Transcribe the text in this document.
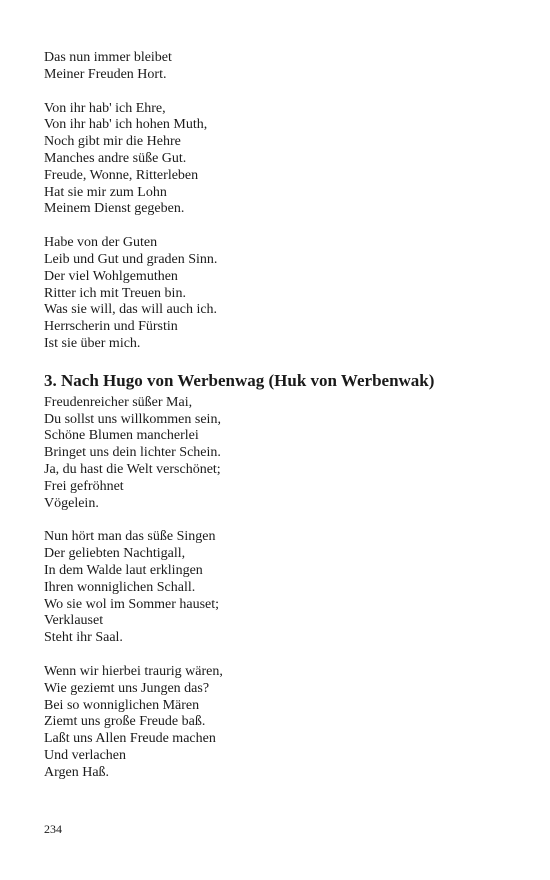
Das nun immer bleibet
Meiner Freuden Hort.
Von ihr hab' ich Ehre,
Von ihr hab' ich hohen Muth,
Noch gibt mir die Hehre
Manches andre süße Gut.
Freude, Wonne, Ritterleben
Hat sie mir zum Lohn
Meinem Dienst gegeben.
Habe von der Guten
Leib und Gut und graden Sinn.
Der viel Wohlgemuthen
Ritter ich mit Treuen bin.
Was sie will, das will auch ich.
Herrscherin und Fürstin
Ist sie über mich.
3. Nach Hugo von Werbenwag (Huk von Werbenwak)
Freudenreicher süßer Mai,
Du sollst uns willkommen sein,
Schöne Blumen mancherlei
Bringet uns dein lichter Schein.
Ja, du hast die Welt verschönet;
Frei gefröhnet
Vögelein.
Nun hört man das süße Singen
Der geliebten Nachtigall,
In dem Walde laut erklingen
Ihren wonniglichen Schall.
Wo sie wol im Sommer hauset;
Verklauset
Steht ihr Saal.
Wenn wir hierbei traurig wären,
Wie geziemt uns Jungen das?
Bei so wonniglichen Mären
Ziemt uns große Freude baß.
Laßt uns Allen Freude machen
Und verlachen
Argen Haß.
234
